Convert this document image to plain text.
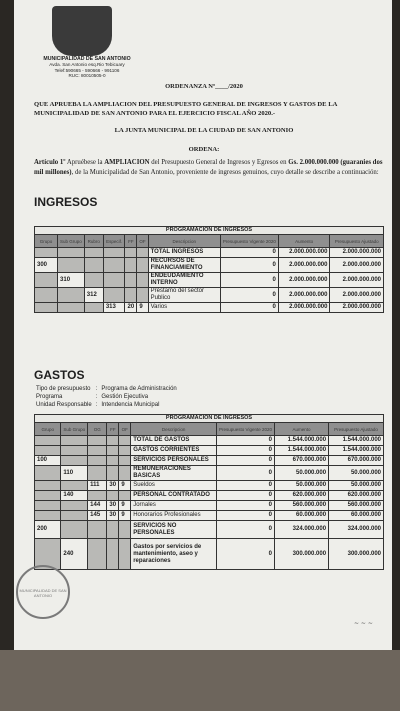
MUNICIPALIDAD DE SAN ANTONIO
Avda. San Antonio esq.Rio Tebicuary
Telef:590665 - 590666 - 991106
RUC: 80010505-0
ORDENANZA Nº____/2020
QUE APRUEBA LA AMPLIACION DEL PRESUPUESTO GENERAL DE INGRESOS Y GASTOS DE LA MUNICIPALIDAD DE SAN ANTONIO PARA EL EJERCICIO FISCAL AÑO 2020.-
LA JUNTA MUNICIPAL DE LA CIUDAD DE SAN ANTONIO
ORDENA:
Artículo 1º Apruébese la AMPLIACION del Presupuesto General de Ingresos y Egresos en Gs. 2.000.000.000 (guaranies dos mil millones), de la Municipalidad de San Antonio, proveniente de ingresos genuinos, cuyo detalle se describe a continuación:
INGRESOS
PROGRAMACION DE INGRESOS									
Grupo	Sub Grupo	Rubro	Especif.	FF	OF	Descripcion	Presupuesto Vigente 2020	Aumento	Presupuesto Ajustado
						TOTAL INGRESOS	0	2.000.000.000	2.000.000.000
300						RECURSOS DE FINANCIAMIENTO	0	2.000.000.000	2.000.000.000
	310					ENDEUDAMIENTO INTERNO	0	2.000.000.000	2.000.000.000
		312				Préstamo del sector Publico	0	2.000.000.000	2.000.000.000
			313	20	9	Varios	0	2.000.000.000	2.000.000.000
GASTOS
Tipo de presupuesto	:	Programa de Administración
Programa	:	Gestión Ejecutiva
Unidad Responsable	:	Intendencia Municipal
PROGRAMACION DE INGRESOS								
Grupo	Sub Grupo	OG	FF	OF	Descripcion	Presupuesto Vigente 2020	Aumento	Presupuesto Ajustado
					TOTAL DE GASTOS	0	1.544.000.000	1.544.000.000
					GASTOS CORRIENTES	0	1.544.000.000	1.544.000.000
100					SERVICIOS PERSONALES	0	670.000.000	670.000.000
	110				REMUNERACIONES BASICAS	0	50.000.000	50.000.000
		111	30	9	Sueldos	0	50.000.000	50.000.000
	140				PERSONAL CONTRATADO	0	620.000.000	620.000.000
		144	30	9	Jornales	0	560.000.000	560.000.000
		145	30	9	Honorarios Profesionales	0	60.000.000	60.000.000
200					SERVICIOS NO PERSONALES	0	324.000.000	324.000.000
	240				Gastos por servicios de mantenimiento, aseo y reparaciones	0	300.000.000	300.000.000
MUNICIPALIDAD DE SAN ANTONIO
~ ~ ~
